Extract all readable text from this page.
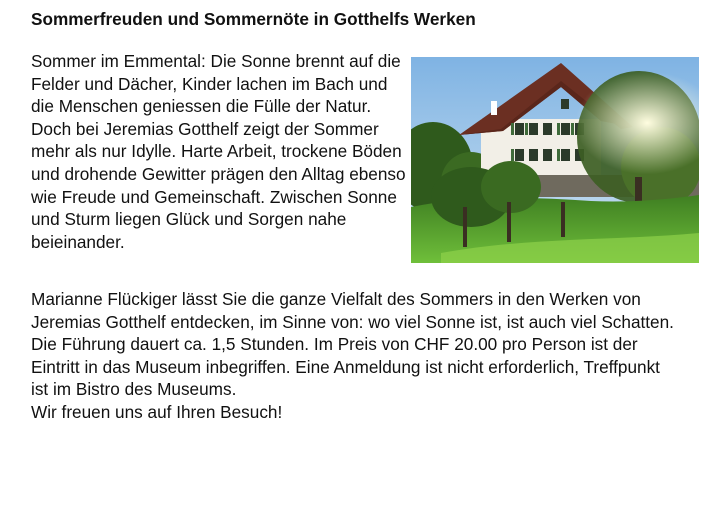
Sommerfreuden und Sommernöte in Gotthelfs Werken

Sommer im Emmental: Die Sonne brennt auf die Felder und Dächer, Kinder lachen im Bach und die Menschen geniessen die Fülle der Natur. Doch bei Jeremias Gotthelf zeigt der Sommer mehr als nur Idylle. Harte Arbeit, trockene Böden und drohende Gewitter prägen den Alltag ebenso wie Freude und Gemeinschaft. Zwischen Sonne und Sturm liegen Glück und Sorgen nahe beieinander.

Marianne Flückiger lässt Sie die ganze Vielfalt des Sommers in den Werken von Jeremias Gotthelf entdecken, im Sinne von: wo viel Sonne ist, ist auch viel Schatten.

Die Führung dauert ca. 1,5 Stunden. Im Preis von CHF 20.00 pro Person ist der Eintritt in das Museum inbegriffen. Eine Anmeldung ist nicht erforderlich, Treffpunkt ist im Bistro des Museums.

Wir freuen uns auf Ihren Besuch!
